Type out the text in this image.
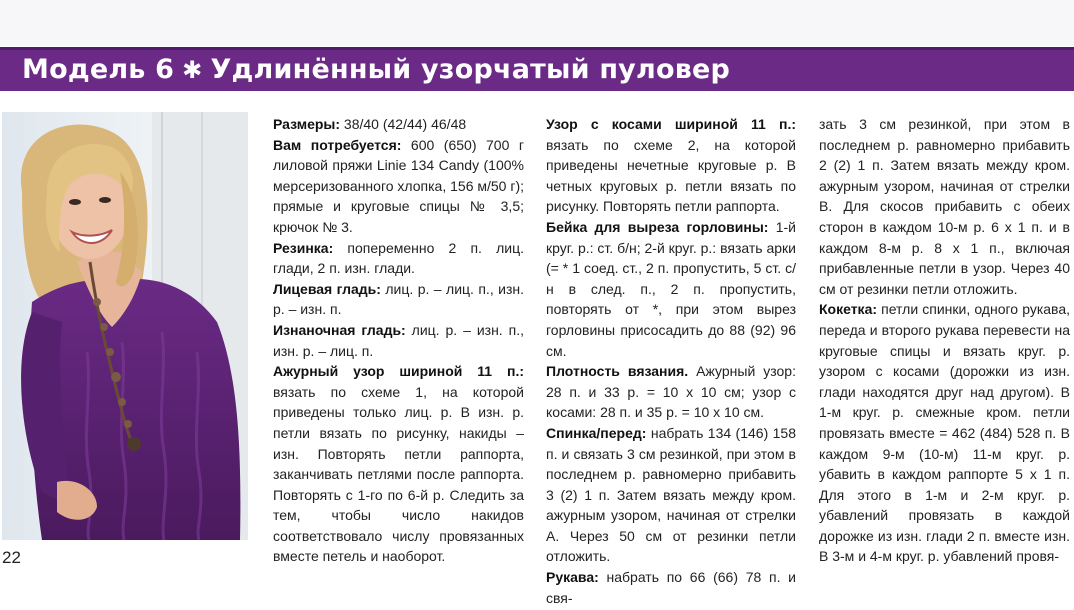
Модель 6 ✱ Удлинённый узорчатый пуловер

Размеры: 38/40 (42/44) 46/48

Вам потребуется: 600 (650) 700 г лиловой пряжи Linie 134 Candy (100% мерсеризованного хлопка, 156 м/50 г); прямые и круговые спицы № 3,5; крючок № 3.

Резинка: попеременно 2 п. лиц. глади, 2 п. изн. глади.

Лицевая гладь: лиц. р. – лиц. п., изн. р. – изн. п.

Изнаночная гладь: лиц. р. – изн. п., изн. р. – лиц. п.

Ажурный узор шириной 11 п.: вязать по схеме 1, на которой приведены только лиц. р. В изн. р. петли вязать по рисунку, накиды – изн. Повторять петли раппорта, заканчивать петлями после раппорта. Повторять с 1-го по 6-й р. Следить за тем, чтобы число накидов соответствовало числу провязанных вместе петель и наоборот.

Узор с косами шириной 11 п.: вязать по схеме 2, на которой приведены нечетные круговые р. В четных круговых р. петли вязать по рисунку. Повторять петли раппорта.

Бейка для выреза горловины: 1-й круг. р.: ст. б/н; 2-й круг. р.: вязать арки (= * 1 соед. ст., 2 п. пропустить, 5 ст. с/н в след. п., 2 п. пропустить, повторять от *, при этом вырез горловины присосадить до 88 (92) 96 см.

Плотность вязания. Ажурный узор: 28 п. и 33 р. = 10 х 10 см; узор с косами: 28 п. и 35 р. = 10 х 10 см.

Спинка/перед: набрать 134 (146) 158 п. и связать 3 см резинкой, при этом в последнем р. равномерно прибавить 3 (2) 1 п. Затем вязать между кром. ажурным узором, начиная от стрелки А. Через 50 см от резинки петли отложить.

Рукава: набрать по 66 (66) 78 п. и свя-

зать 3 см резинкой, при этом в последнем р. равномерно прибавить 2 (2) 1 п. Затем вязать между кром. ажурным узором, начиная от стрелки В. Для скосов прибавить с обеих сторон в каждом 10-м р. 6 х 1 п. и в каждом 8-м р. 8 х 1 п., включая прибавленные петли в узор. Через 40 см от резинки петли отложить.

Кокетка: петли спинки, одного рукава, переда и второго рукава перевести на круговые спицы и вязать круг. р. узором с косами (дорожки из изн. глади находятся друг над другом). В 1-м круг. р. смежные кром. петли провязать вместе = 462 (484) 528 п. В каждом 9-м (10-м) 11-м круг. р. убавить в каждом раппорте 5 х 1 п. Для этого в 1-м и 2-м круг. р. убавлений провязать в каждой дорожке из изн. глади 2 п. вместе изн. В 3-м и 4-м круг. р. убавлений провя-

22
